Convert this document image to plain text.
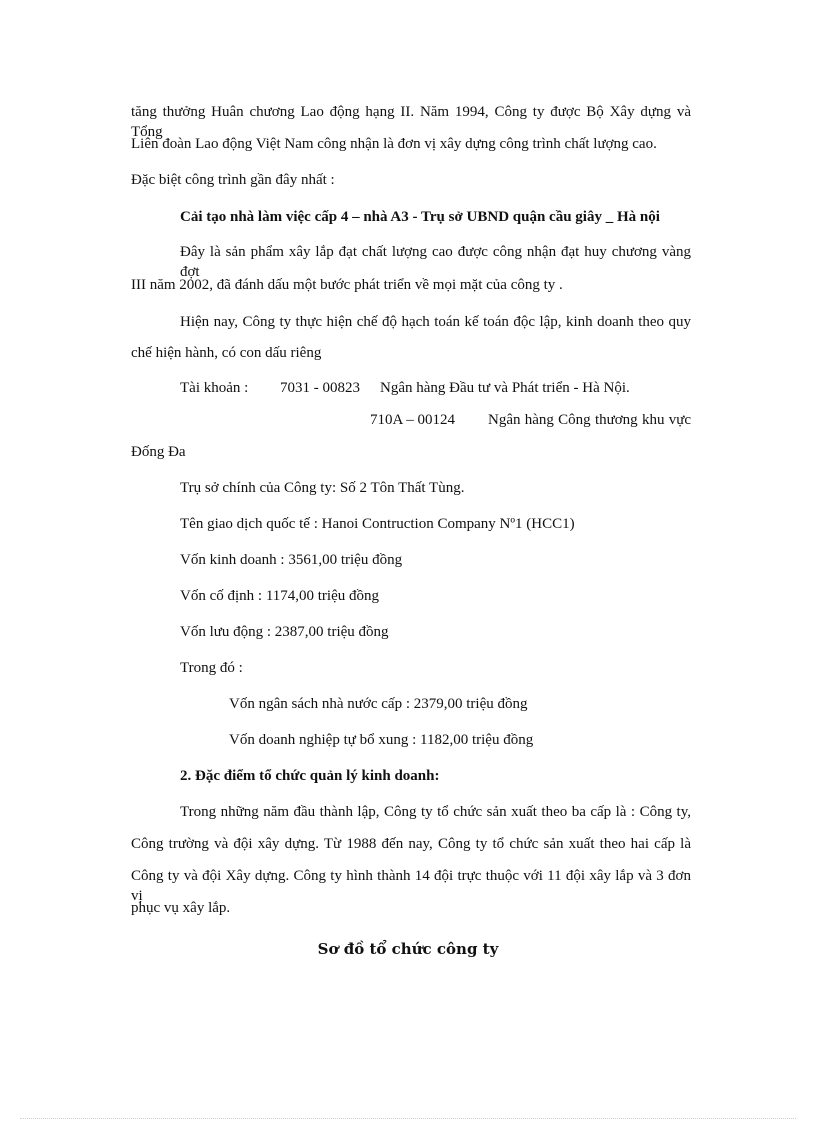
tăng thưởng Huân chương Lao động hạng II. Năm 1994, Công ty được Bộ Xây dựng và Tổng
Liên đoàn Lao động Việt Nam công nhận là đơn vị xây dựng công trình chất lượng cao.
Đặc biệt công trình gần đây nhất :
Cải tạo nhà làm việc cấp 4 – nhà A3 - Trụ sở UBND quận cầu giây _ Hà nội
Đây là sản phẩm xây lắp đạt chất lượng cao được công nhận đạt huy chương vàng đợt
III năm 2002, đã đánh dấu một bước phát triển về mọi mặt của công ty .
Hiện nay, Công ty thực hiện chế độ hạch toán kế toán độc lập, kinh doanh theo quy
chế hiện hành, có con dấu riêng
Tài khoản : 7031 - 00823 Ngân hàng Đầu tư và Phát triển - Hà Nội.
710A – 00124 Ngân hàng Công thương khu vực
Đống Đa
Trụ sở chính của Công ty: Số 2 Tôn Thất Tùng.
Tên giao dịch quốc tế : Hanoi Contruction Company Nº1 (HCC1)
Vốn kinh doanh : 3561,00 triệu đồng
Vốn cố định : 1174,00 triệu đồng
Vốn lưu động : 2387,00 triệu đồng
Trong đó :
Vốn ngân sách nhà nước cấp : 2379,00 triệu đồng
Vốn doanh nghiệp tự bổ xung : 1182,00 triệu đồng
2. Đặc điểm tổ chức quản lý kinh doanh:
Trong những năm đầu thành lập, Công ty tổ chức sản xuất theo ba cấp là : Công ty,
Công trường và đội xây dựng. Từ 1988 đến nay, Công ty tổ chức sản xuất theo hai cấp là
Công ty và đội Xây dựng. Công ty hình thành 14 đội trực thuộc với 11 đội xây lắp và 3 đơn vị
phục vụ xây lắp.
Sơ đồ tổ chức công ty
